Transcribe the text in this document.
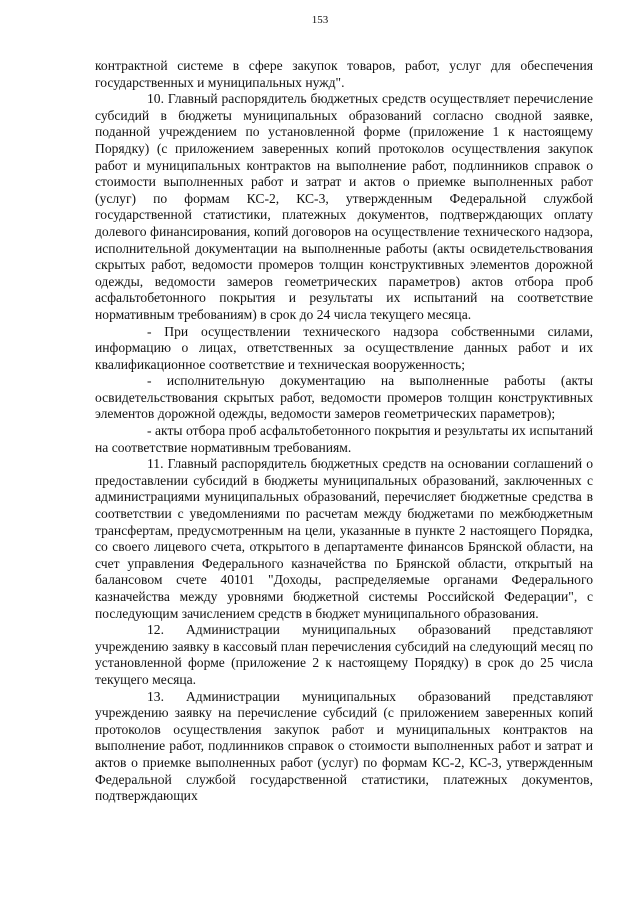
153

контрактной системе в сфере закупок товаров, работ, услуг для обеспечения государственных и муниципальных нужд".

10. Главный распорядитель бюджетных средств осуществляет перечисление субсидий в бюджеты муниципальных образований согласно сводной заявке, поданной учреждением по установленной форме (приложение 1 к настоящему Порядку) (с приложением заверенных копий протоколов осуществления закупок работ и муниципальных контрактов на выполнение работ, подлинников справок о стоимости выполненных работ и затрат и актов о приемке выполненных работ (услуг) по формам КС-2, КС-3, утвержденным Федеральной службой государственной статистики, платежных документов, подтверждающих оплату долевого финансирования, копий договоров на осуществление технического надзора, исполнительной документации на выполненные работы (акты освидетельствования скрытых работ, ведомости промеров толщин конструктивных элементов дорожной одежды, ведомости замеров геометрических параметров) актов отбора проб асфальтобетонного покрытия и результаты их испытаний на соответствие нормативным требованиям) в срок до 24 числа текущего месяца.

- При осуществлении технического надзора собственными силами, информацию о лицах, ответственных за осуществление данных работ и их квалификационное соответствие и техническая вооруженность;

- исполнительную документацию на выполненные работы (акты освидетельствования скрытых работ, ведомости промеров толщин конструктивных элементов дорожной одежды, ведомости замеров геометрических параметров);

- акты отбора проб асфальтобетонного покрытия и результаты их испытаний на соответствие нормативным требованиям.

11. Главный распорядитель бюджетных средств на основании соглашений о предоставлении субсидий в бюджеты муниципальных образований, заключенных с администрациями муниципальных образований, перечисляет бюджетные средства в соответствии с уведомлениями по расчетам между бюджетами по межбюджетным трансфертам, предусмотренным на цели, указанные в пункте 2 настоящего Порядка, со своего лицевого счета, открытого в департаменте финансов Брянской области, на счет управления Федерального казначейства по Брянской области, открытый на балансовом счете 40101 "Доходы, распределяемые органами Федерального казначейства между уровнями бюджетной системы Российской Федерации", с последующим зачислением средств в бюджет муниципального образования.

12. Администрации муниципальных образований представляют учреждению заявку в кассовый план перечисления субсидий на следующий месяц по установленной форме (приложение 2 к настоящему Порядку) в срок до 25 числа текущего месяца.

13. Администрации муниципальных образований представляют учреждению заявку на перечисление субсидий (с приложением заверенных копий протоколов осуществления закупок работ и муниципальных контрактов на выполнение работ, подлинников справок о стоимости выполненных работ и затрат и актов о приемке выполненных работ (услуг) по формам КС-2, КС-3, утвержденным Федеральной службой государственной статистики, платежных документов, подтверждающих
